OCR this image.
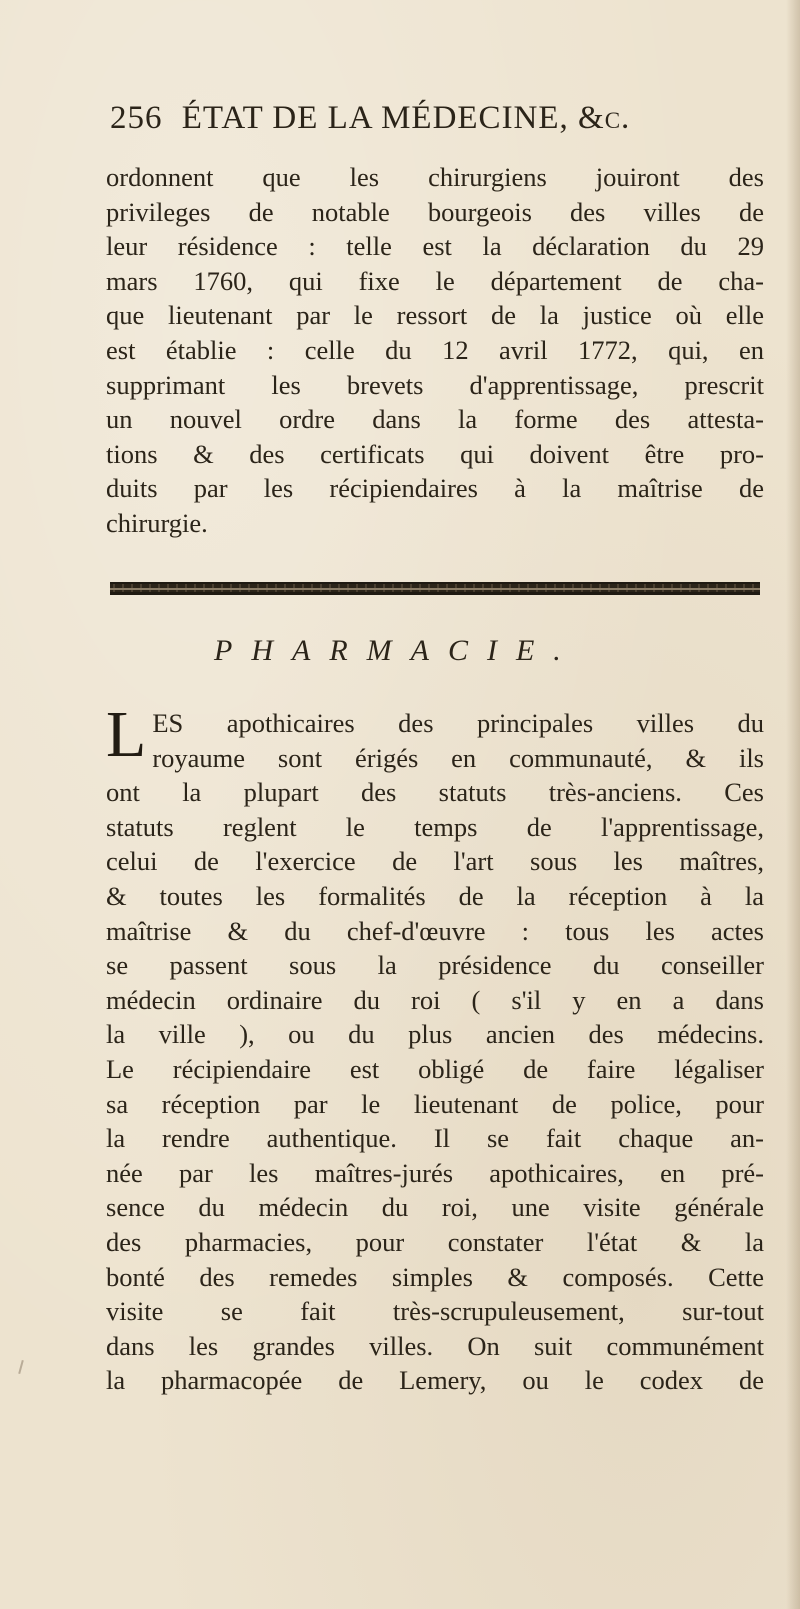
256 ÉTAT DE LA MÉDECINE, &c.
ordonnent que les chirurgiens jouiront des
privileges de notable bourgeois des villes de
leur résidence : telle est la déclaration du 29
mars 1760, qui fixe le département de cha-
que lieutenant par le ressort de la justice où elle
est établie : celle du 12 avril 1772, qui, en
supprimant les brevets d'apprentissage, prescrit
un nouvel ordre dans la forme des attesta-
tions & des certificats qui doivent être pro-
duits par les récipiendaires à la maîtrise de
chirurgie.
PHARMACIE.
L ES apothicaires des principales villes du
royaume sont érigés en communauté, & ils
ont la plupart des statuts très-anciens. Ces
statuts reglent le temps de l'apprentissage,
celui de l'exercice de l'art sous les maîtres,
& toutes les formalités de la réception à la
maîtrise & du chef-d'œuvre : tous les actes
se passent sous la présidence du conseiller
médecin ordinaire du roi ( s'il y en a dans
la ville ), ou du plus ancien des médecins.
Le récipiendaire est obligé de faire légaliser
sa réception par le lieutenant de police, pour
la rendre authentique. Il se fait chaque an-
née par les maîtres-jurés apothicaires, en pré-
sence du médecin du roi, une visite générale
des pharmacies, pour constater l'état & la
bonté des remedes simples & composés. Cette
visite se fait très-scrupuleusement, sur-tout
dans les grandes villes. On suit communément
la pharmacopée de Lemery, ou le codex de
